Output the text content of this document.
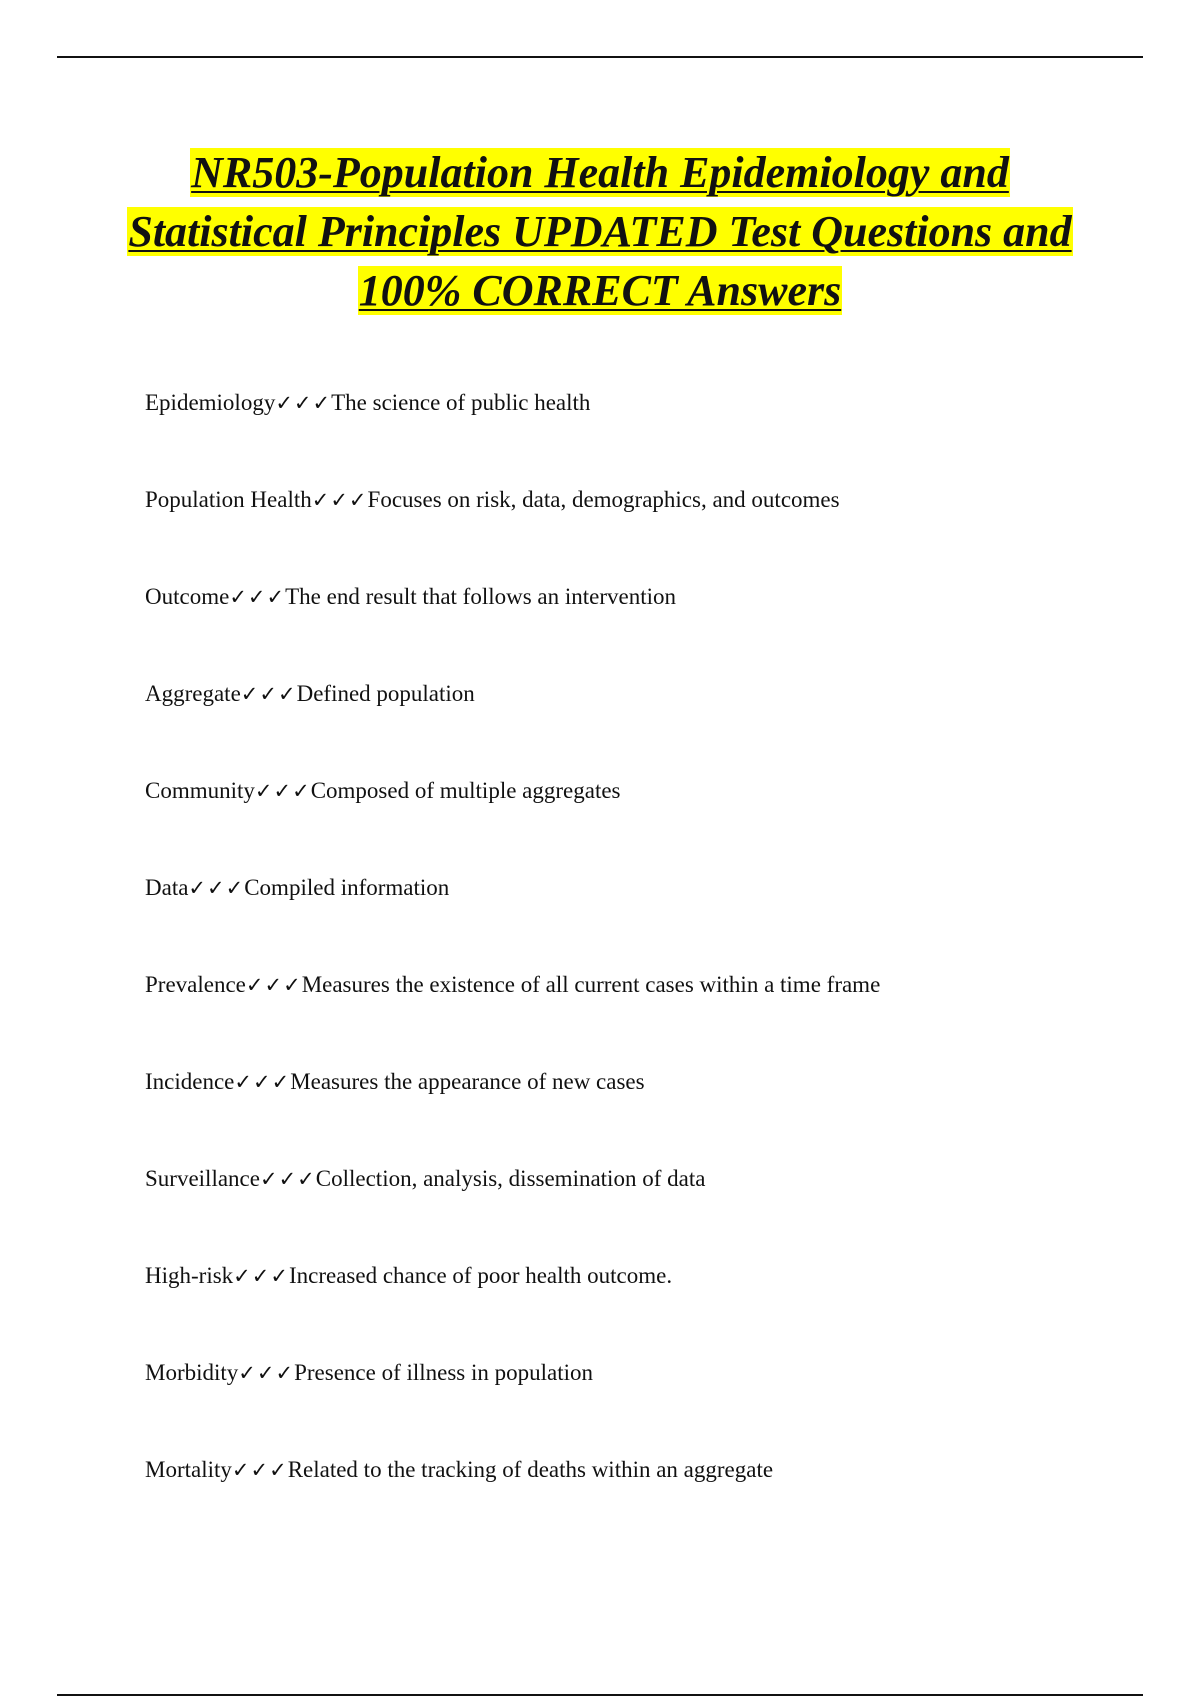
NR503-Population Health Epidemiology and Statistical Principles UPDATED Test Questions and 100% CORRECT Answers
Epidemiology✓✓✓The science of public health
Population Health✓✓✓Focuses on risk, data, demographics, and outcomes
Outcome✓✓✓The end result that follows an intervention
Aggregate✓✓✓Defined population
Community✓✓✓Composed of multiple aggregates
Data✓✓✓Compiled information
Prevalence✓✓✓Measures the existence of all current cases within a time frame
Incidence✓✓✓Measures the appearance of new cases
Surveillance✓✓✓Collection, analysis, dissemination of data
High-risk✓✓✓Increased chance of poor health outcome.
Morbidity✓✓✓Presence of illness in population
Mortality✓✓✓Related to the tracking of deaths within an aggregate
